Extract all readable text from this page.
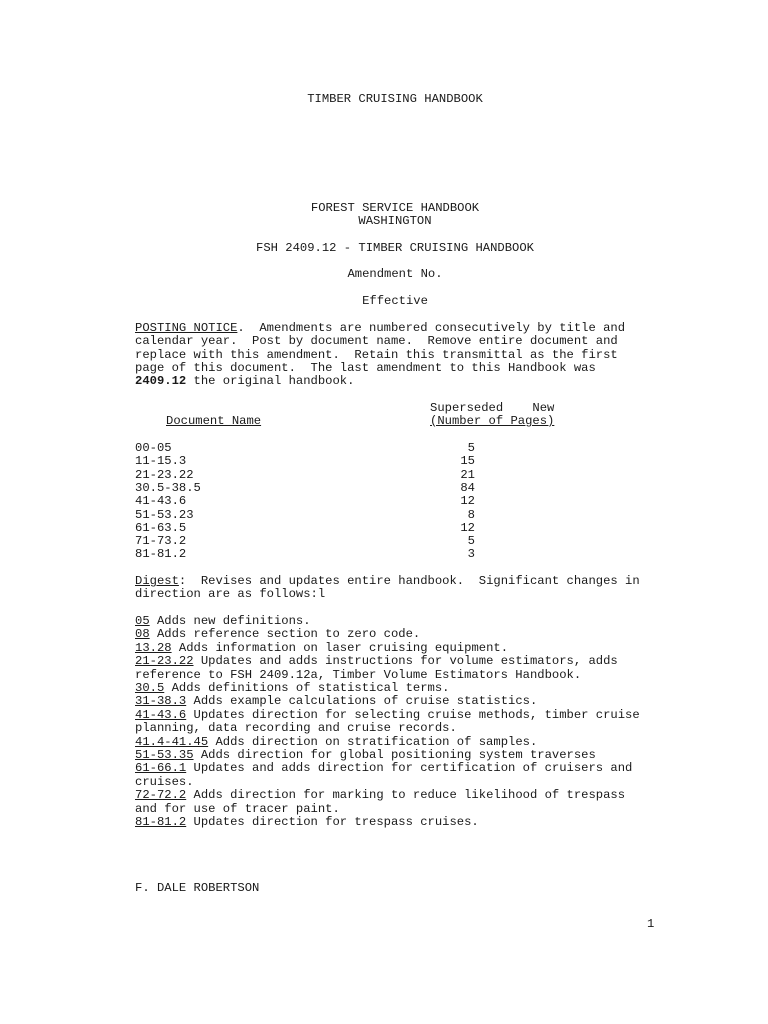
TIMBER CRUISING HANDBOOK
FOREST SERVICE HANDBOOK
WASHINGTON
FSH 2409.12 - TIMBER CRUISING HANDBOOK
Amendment No.
Effective
POSTING NOTICE.  Amendments are numbered consecutively by title and
calendar year.  Post by document name.  Remove entire document and
replace with this amendment.  Retain this transmittal as the first
page of this document.  The last amendment to this Handbook was
2409.12 the original handbook.
Superseded    New
Document Name	(Number of Pages)
00-05	5
11-15.3	15
21-23.22	21
30.5-38.5	84
41-43.6	12
51-53.23	8
61-63.5	12
71-73.2	5
81-81.2	3
Digest:  Revises and updates entire handbook.  Significant changes in
direction are as follows:l
05 Adds new definitions.
08 Adds reference section to zero code.
13.28 Adds information on laser cruising equipment.
21-23.22 Updates and adds instructions for volume estimators, adds
reference to FSH 2409.12a, Timber Volume Estimators Handbook.
30.5 Adds definitions of statistical terms.
31-38.3 Adds example calculations of cruise statistics.
41-43.6 Updates direction for selecting cruise methods, timber cruise
planning, data recording and cruise records.
41.4-41.45 Adds direction on stratification of samples.
51-53.35 Adds direction for global positioning system traverses
61-66.1 Updates and adds direction for certification of cruisers and
cruises.
72-72.2 Adds direction for marking to reduce likelihood of trespass
and for use of tracer paint.
81-81.2 Updates direction for trespass cruises.
F. DALE ROBERTSON
1
